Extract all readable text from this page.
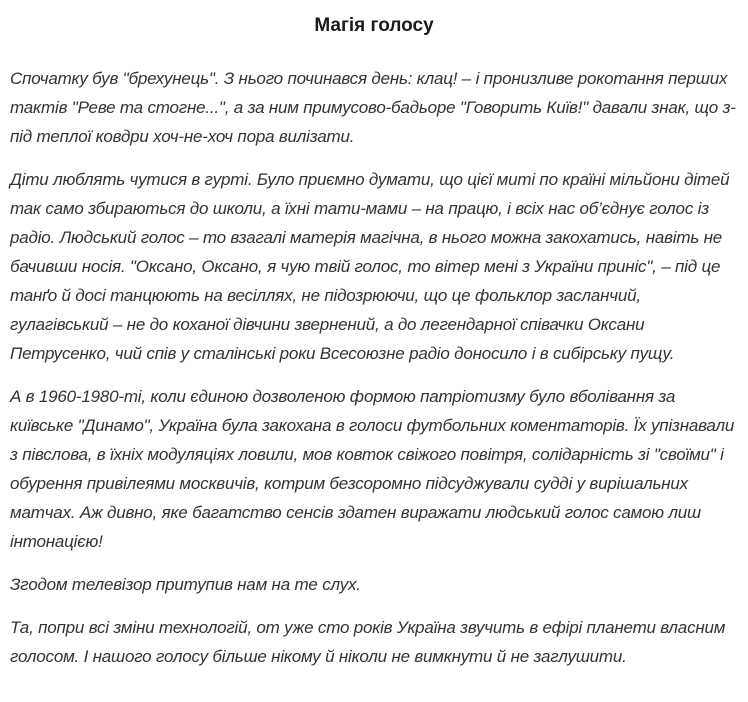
Магія голосу

Спочатку був "брехунець". З нього починався день: клац! – і пронизливе рокотання перших тактів "Реве та стогне...", а за ним примусово-бадьоре "Говорить Київ!" давали знак, що з-під теплої ковдри хоч-не-хоч пора вилізати.

Діти люблять чутися в гурті. Було приємно думати, що цієї миті по країні мільйони дітей так само збираються до школи, а їхні тати-мами – на працю, і всіх нас об’єднує голос із радіо. Людський голос – то взагалі матерія магічна, в нього можна закохатись, навіть не бачивши носія. "Оксано, Оксано, я чую твій голос, то вітер мені з України приніс", – під це танґо й досі танцюють на весіллях, не підозрюючи, що це фольклор засланчий, гулагівський – не до коханої дівчини звернений, а до легендарної співачки Оксани Петрусенко, чий спів у сталінські роки Всесоюзне радіо доносило і в сибірську пущу.

А в 1960-1980-ті, коли єдиною дозволеною формою патріотизму було вболівання за київське "Динамо", Україна була закохана в голоси футбольних коментаторів. Їх упізнавали з півслова, в їхніх модуляціях ловили, мов ковток свіжого повітря, солідарність зі "своїми" і обурення привілеями москвичів, котрим безсоромно підсуджували судді у вирішальних матчах. Аж дивно, яке багатство сенсів здатен виражати людський голос самою лиш інтонацією!

Згодом телевізор притупив нам на те слух.

Та, попри всі зміни технологій, от уже сто років Україна звучить в ефірі планети власним голосом. І нашого голосу більше нікому й ніколи не вимкнути й не заглушити.
